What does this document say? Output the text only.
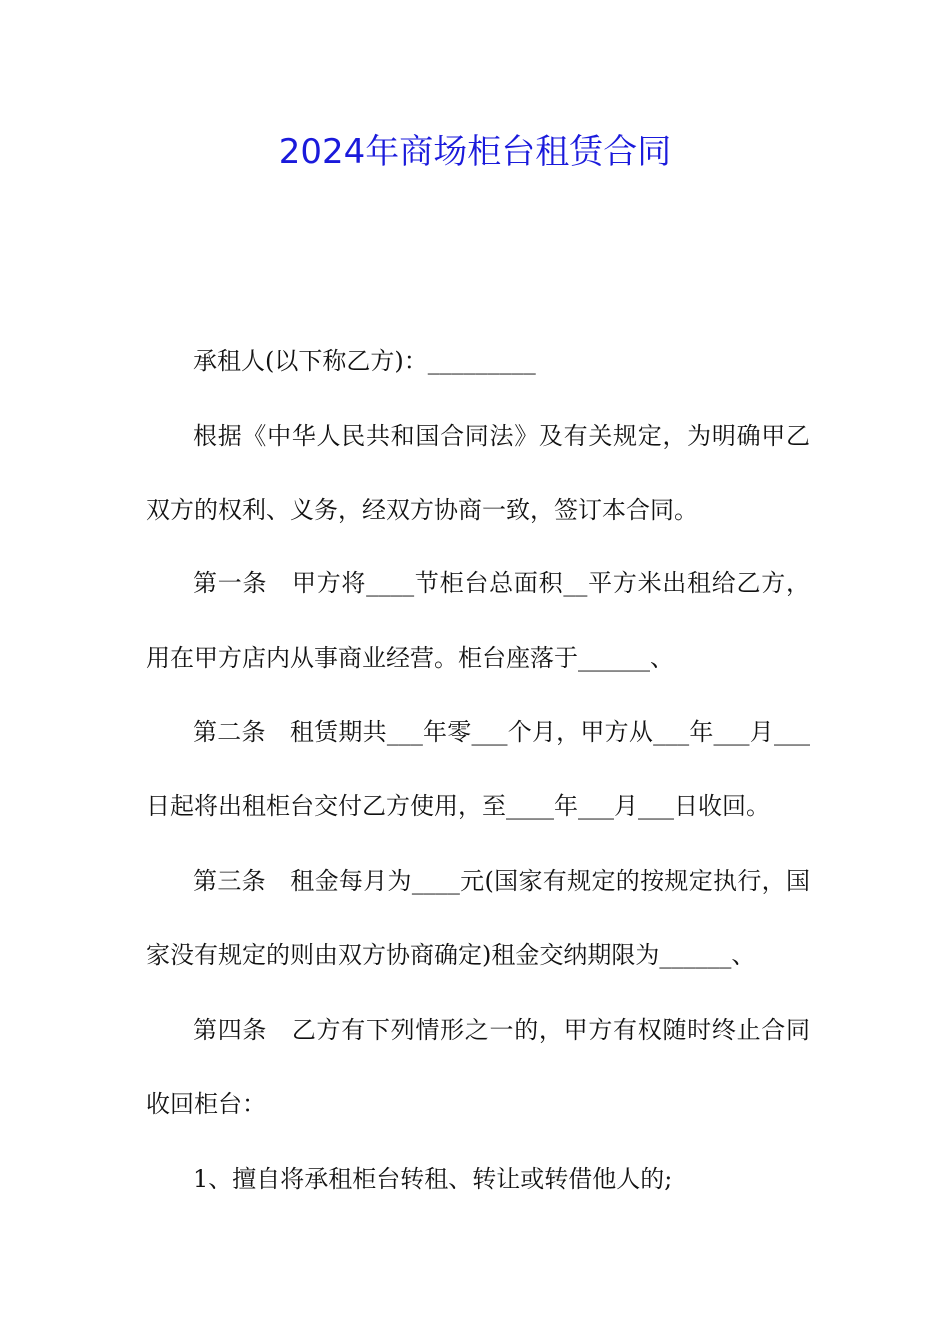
2024年商场柜台租赁合同
承租人(以下称乙方)：_________
根据《中华人民共和国合同法》及有关规定，为明确甲乙
双方的权利、义务，经双方协商一致，签订本合同。
第一条　甲方将____节柜台总面积__平方米出租给乙方，
用在甲方店内从事商业经营。柜台座落于______、
第二条　租赁期共___年零___个月，甲方从___年___月___
日起将出租柜台交付乙方使用，至____年___月___日收回。
第三条　租金每月为____元(国家有规定的按规定执行，国
家没有规定的则由双方协商确定)租金交纳期限为______、
第四条　乙方有下列情形之一的，甲方有权随时终止合同
收回柜台：
1、擅自将承租柜台转租、转让或转借他人的;
